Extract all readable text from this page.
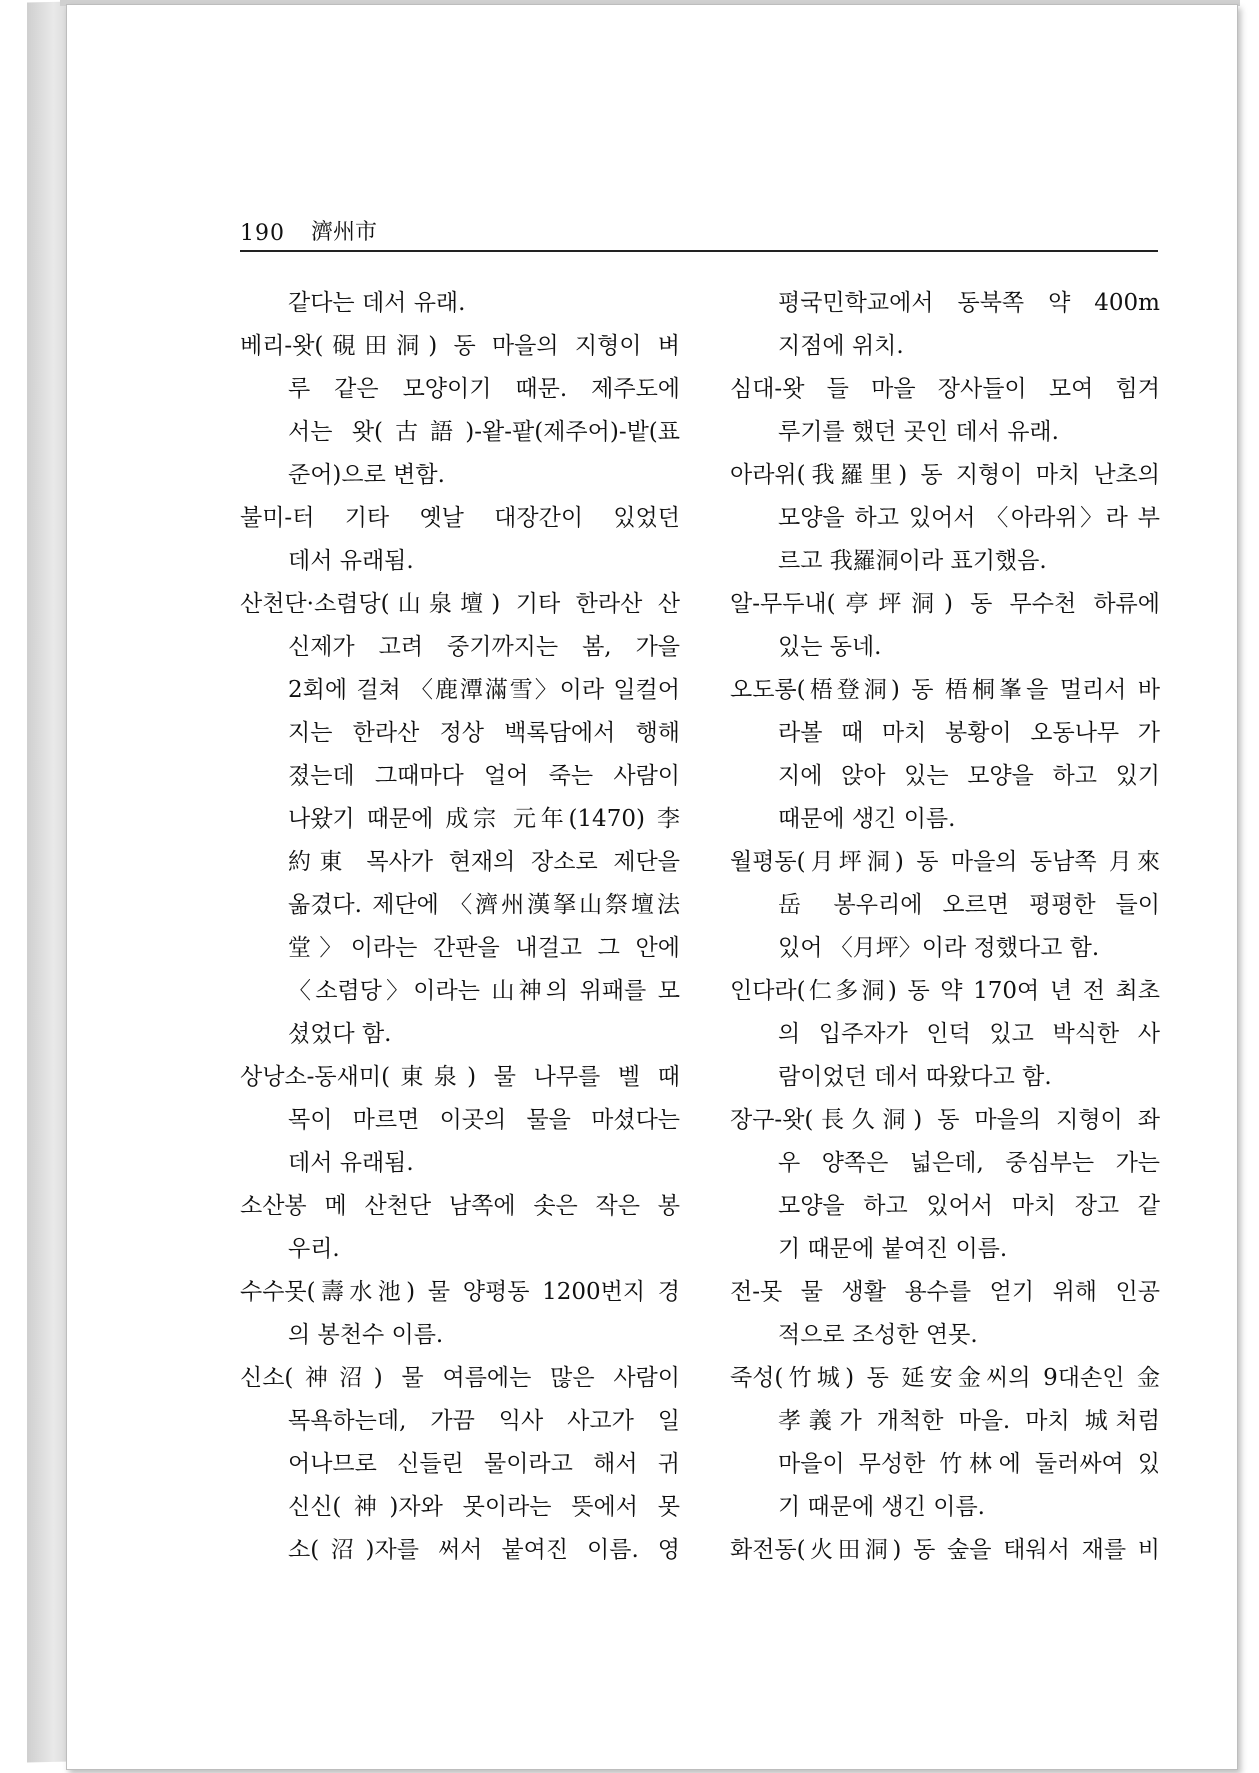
190 濟州市

같다는 데서 유래.

베리-왓(硯田洞) 동 마을의 지형이 벼

루 같은 모양이기 때문. 제주도에

서는 왓(古語)-왙-팥(제주어)-밭(표

준어)으로 변함.

불미-터 기타 옛날 대장간이 있었던

데서 유래됨.

산천단·소렴당(山泉壇) 기타 한라산 산

신제가 고려 중기까지는 봄, 가을

2회에 걸쳐 〈鹿潭滿雪〉이라 일컬어

지는 한라산 정상 백록담에서 행해

졌는데 그때마다 얼어 죽는 사람이

나왔기 때문에 成宗 元年(1470) 李

約東 목사가 현재의 장소로 제단을

옮겼다. 제단에 〈濟州漢拏山祭壇法

堂〉이라는 간판을 내걸고 그 안에

〈소렴당〉이라는 山神의 위패를 모

셨었다 함.

상낭소-동새미(東泉) 물 나무를 벨 때

목이 마르면 이곳의 물을 마셨다는

데서 유래됨.

소산봉 메 산천단 남쪽에 솟은 작은 봉

우리.

수수못(壽水池) 물 양평동 1200번지 경

의 봉천수 이름.

신소(神沼) 물 여름에는 많은 사람이

목욕하는데, 가끔 익사 사고가 일

어나므로 신들린 물이라고 해서 귀

신신(神)자와 못이라는 뜻에서 못

소(沼)자를 써서 붙여진 이름. 영

평국민학교에서 동북쪽 약 400m

지점에 위치.

심대-왓 들 마을 장사들이 모여 힘겨

루기를 했던 곳인 데서 유래.

아라위(我羅里) 동 지형이 마치 난초의

모양을 하고 있어서 〈아라위〉라 부

르고 我羅洞이라 표기했음.

알-무두내(亭坪洞) 동 무수천 하류에

있는 동네.

오도롱(梧登洞) 동 梧桐峯을 멀리서 바

라볼 때 마치 봉황이 오동나무 가

지에 앉아 있는 모양을 하고 있기

때문에 생긴 이름.

월평동(月坪洞) 동 마을의 동남쪽 月來

岳 봉우리에 오르면 평평한 들이

있어 〈月坪〉이라 정했다고 함.

인다라(仁多洞) 동 약 170여 년 전 최초

의 입주자가 인덕 있고 박식한 사

람이었던 데서 따왔다고 함.

장구-왓(長久洞) 동 마을의 지형이 좌

우 양쪽은 넓은데, 중심부는 가는

모양을 하고 있어서 마치 장고 같

기 때문에 붙여진 이름.

전-못 물 생활 용수를 얻기 위해 인공

적으로 조성한 연못.

죽성(竹城) 동 延安金씨의 9대손인 金

孝義가 개척한 마을. 마치 城처럼

마을이 무성한 竹林에 둘러싸여 있

기 때문에 생긴 이름.

화전동(火田洞) 동 숲을 태워서 재를 비
